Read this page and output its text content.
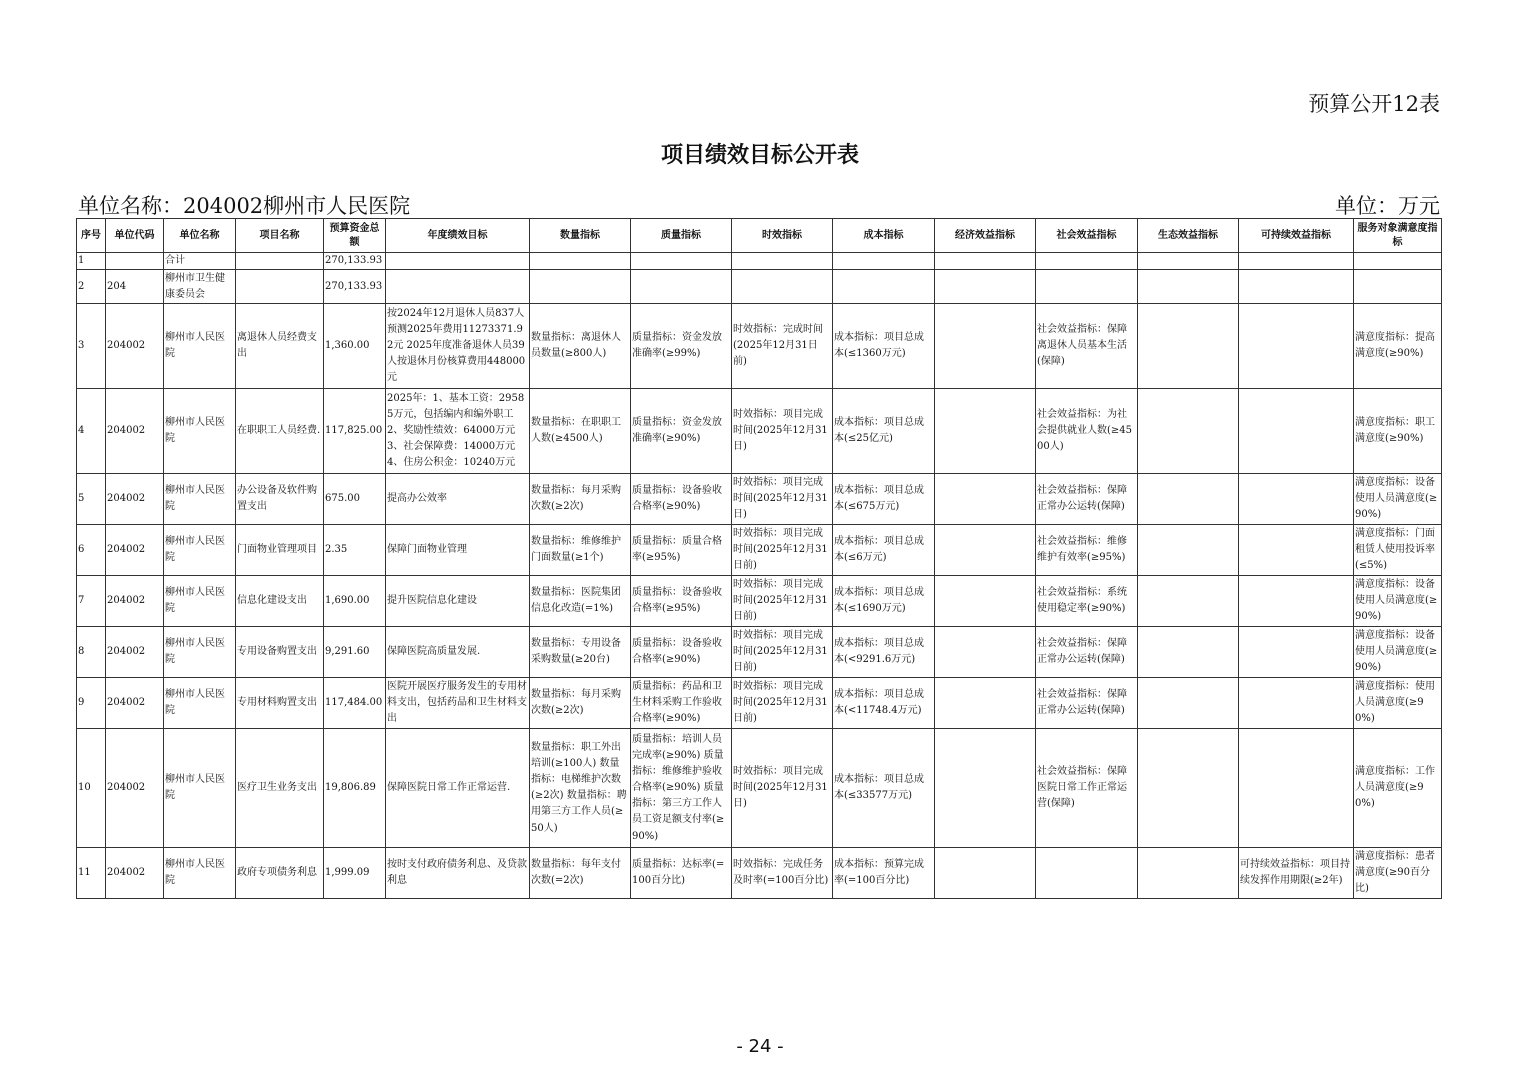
预算公开12表
项目绩效目标公开表
单位名称：204002柳州市人民医院	单位：万元
序号	单位代码	单位名称	项目名称	预算资金总额	年度绩效目标	数量指标	质量指标	时效指标	成本指标	经济效益指标	社会效益指标	生态效益指标	可持续效益指标	服务对象满意度指标
1		合计		270,133.93										
2	204	柳州市卫生健康委员会		270,133.93										
3	204002	柳州市人民医院	离退休人员经费支出	1,360.00	按2024年12月退休人员837人预测2025年费用11273371.92元 2025年度准备退休人员39人按退休月份核算费用448000元	数量指标：离退休人员数量(≥800人)	质量指标：资金发放准确率(≥99%)	时效指标：完成时间(2025年12月31日前)	成本指标：项目总成本(≤1360万元)		社会效益指标：保障离退休人员基本生活(保障)			满意度指标：提高满意度(≥90%)
4	204002	柳州市人民医院	在职职工人员经费.	117,825.00	2025年：1、基本工资：29585万元，包括编内和编外职工2、奖励性绩效：64000万元3、社会保障费：14000万元4、住房公积金：10240万元	数量指标：在职职工人数(≥4500人)	质量指标：资金发放准确率(≥90%)	时效指标：项目完成时间(2025年12月31日)	成本指标：项目总成本(≤25亿元)		社会效益指标：为社会提供就业人数(≥4500人)			满意度指标：职工满意度(≥90%)
5	204002	柳州市人民医院	办公设备及软件购置支出	675.00	提高办公效率	数量指标：每月采购次数(≥2次)	质量指标：设备验收合格率(≥90%)	时效指标：项目完成时间(2025年12月31日)	成本指标：项目总成本(≤675万元)		社会效益指标：保障正常办公运转(保障)			满意度指标：设备使用人员满意度(≥90%)
6	204002	柳州市人民医院	门面物业管理项目	2.35	保障门面物业管理	数量指标：维修维护门面数量(≥1个)	质量指标：质量合格率(≥95%)	时效指标：项目完成时间(2025年12月31日前)	成本指标：项目总成本(≤6万元)		社会效益指标：维修维护有效率(≥95%)			满意度指标：门面租赁人使用投诉率(≤5%)
7	204002	柳州市人民医院	信息化建设支出	1,690.00	提升医院信息化建设	数量指标：医院集团信息化改造(=1%)	质量指标：设备验收合格率(≥95%)	时效指标：项目完成时间(2025年12月31日前)	成本指标：项目总成本(≤1690万元)		社会效益指标：系统使用稳定率(≥90%)			满意度指标：设备使用人员满意度(≥90%)
8	204002	柳州市人民医院	专用设备购置支出	9,291.60	保障医院高质量发展.	数量指标：专用设备采购数量(≥20台)	质量指标：设备验收合格率(≥90%)	时效指标：项目完成时间(2025年12月31日前)	成本指标：项目总成本(<9291.6万元)		社会效益指标：保障正常办公运转(保障)			满意度指标：设备使用人员满意度(≥90%)
9	204002	柳州市人民医院	专用材料购置支出	117,484.00	医院开展医疗服务发生的专用材料支出，包括药品和卫生材料支出	数量指标：每月采购次数(≥2次)	质量指标：药品和卫生材料采购工作验收合格率(≥90%)	时效指标：项目完成时间(2025年12月31日前)	成本指标：项目总成本(<11748.4万元)		社会效益指标：保障正常办公运转(保障)			满意度指标：使用人员满意度(≥90%)
10	204002	柳州市人民医院	医疗卫生业务支出	19,806.89	保障医院日常工作正常运营.	数量指标：职工外出培训(≥100人) 数量指标：电梯维护次数(≥2次) 数量指标：聘用第三方工作人员(≥50人)	质量指标：培训人员完成率(≥90%) 质量指标：维修维护验收合格率(≥90%) 质量指标：第三方工作人员工资足额支付率(≥90%)	时效指标：项目完成时间(2025年12月31日)	成本指标：项目总成本(≤33577万元)		社会效益指标：保障医院日常工作正常运营(保障)			满意度指标：工作人员满意度(≥90%)
11	204002	柳州市人民医院	政府专项债务利息	1,999.09	按时支付政府债务利息、及贷款利息	数量指标：每年支付次数(=2次)	质量指标：达标率(=100百分比)	时效指标：完成任务及时率(=100百分比)	成本指标：预算完成率(=100百分比)				可持续效益指标：项目持续发挥作用期限(≥2年)	满意度指标：患者满意度(≥90百分比)
- 24 -
